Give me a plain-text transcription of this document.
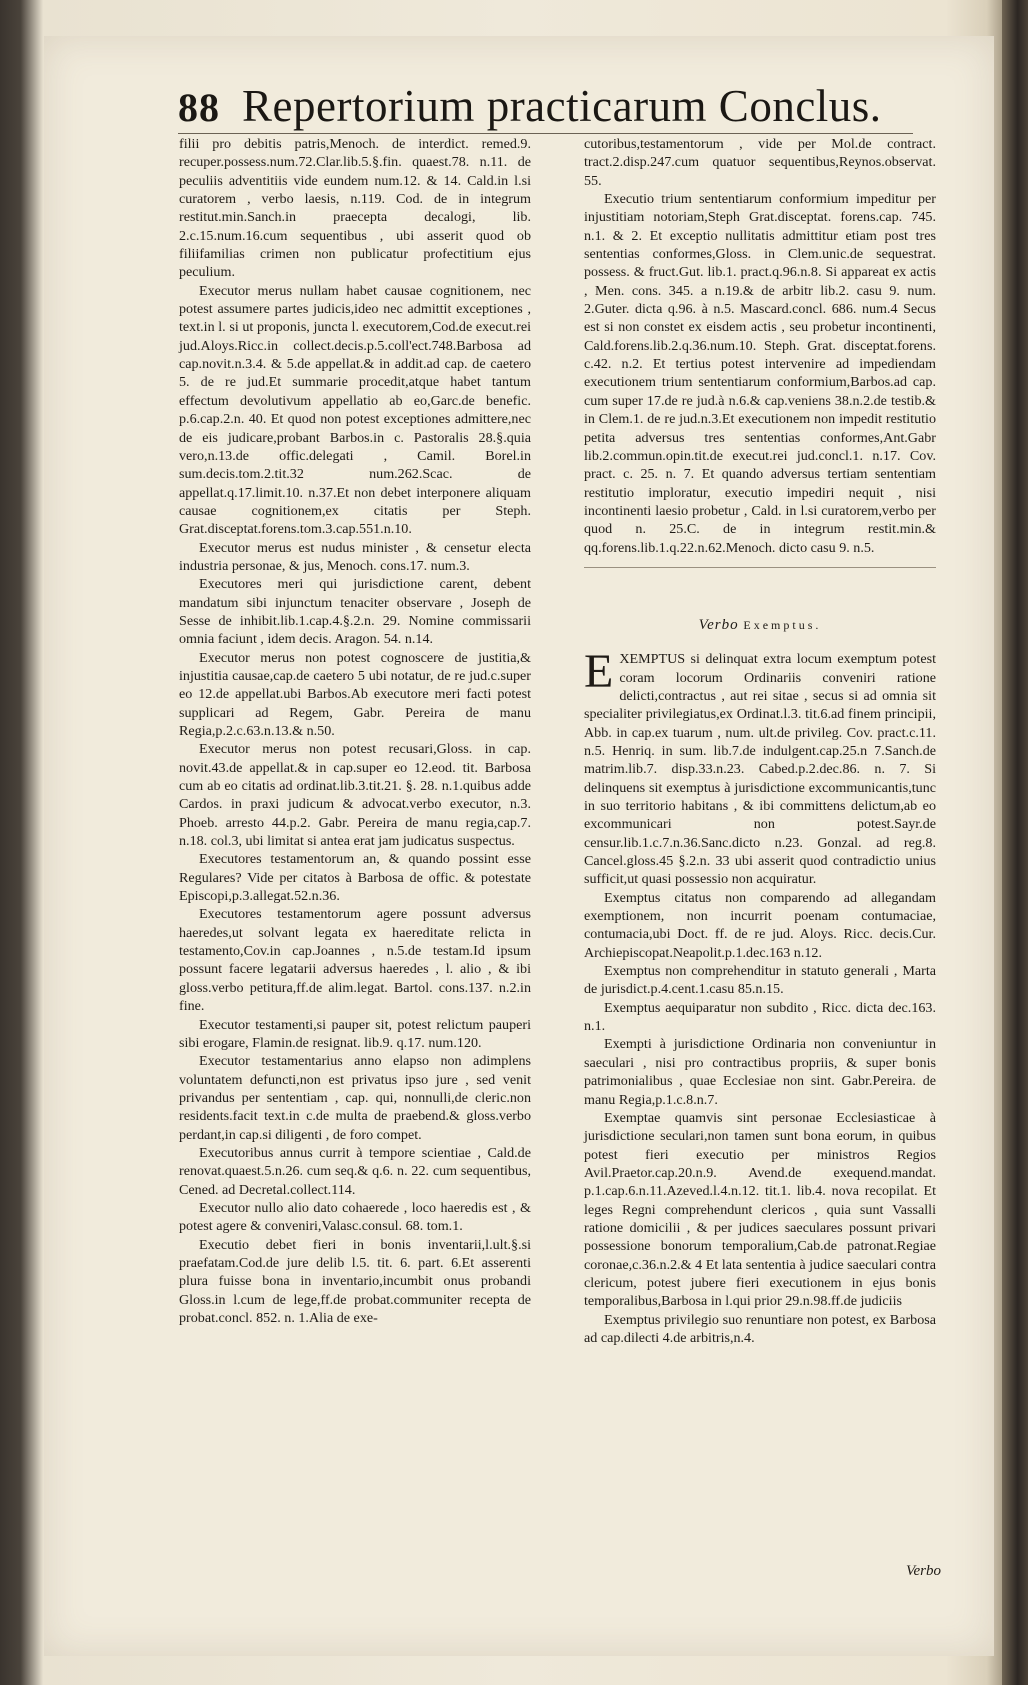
88 Repertorium practicarum Conclus.

filii pro debitis patris,Menoch. de interdict. remed.9. recuper.possess.num.72.Clar.lib.5.§.fin. quaest.78. n.11. de peculiis adventitiis vide eundem num.12. & 14. Cald.in l.si curatorem , verbo laesis, n.119. Cod. de in integrum restitut.min.Sanch.in praecepta decalogi, lib. 2.c.15.num.16.cum sequentibus , ubi asserit quod ob filiifamilias crimen non publicatur profectitium ejus peculium.

Executor merus nullam habet causae cognitionem, nec potest assumere partes judicis,ideo nec admittit exceptiones , text.in l. si ut proponis, juncta l. executorem,Cod.de execut.rei jud.Aloys.Ricc.in collect.decis.p.5.coll'ect.748.Barbosa ad cap.novit.n.3.4. & 5.de appellat.& in addit.ad cap. de caetero 5. de re jud.Et summarie procedit,atque habet tantum effectum devolutivum appellatio ab eo,Garc.de benefic. p.6.cap.2.n. 40. Et quod non potest exceptiones admittere,nec de eis judicare,probant Barbos.in c. Pastoralis 28.§.quia vero,n.13.de offic.delegati , Camil. Borel.in sum.decis.tom.2.tit.32 num.262.Scac. de appellat.q.17.limit.10. n.37.Et non debet interponere aliquam causae cognitionem,ex citatis per Steph. Grat.disceptat.forens.tom.3.cap.551.n.10.

Executor merus est nudus minister , & censetur electa industria personae, & jus, Menoch. cons.17. num.3.

Executores meri qui jurisdictione carent, debent mandatum sibi injunctum tenaciter observare , Joseph de Sesse de inhibit.lib.1.cap.4.§.2.n. 29. Nomine commissarii omnia faciunt , idem decis. Aragon. 54. n.14.

Executor merus non potest cognoscere de justitia,& injustitia causae,cap.de caetero 5 ubi notatur, de re jud.c.super eo 12.de appellat.ubi Barbos.Ab executore meri facti potest supplicari ad Regem, Gabr. Pereira de manu Regia,p.2.c.63.n.13.& n.50.

Executor merus non potest recusari,Gloss. in cap. novit.43.de appellat.& in cap.super eo 12.eod. tit. Barbosa cum ab eo citatis ad ordinat.lib.3.tit.21. §. 28. n.1.quibus adde Cardos. in praxi judicum & advocat.verbo executor, n.3. Phoeb. arresto 44.p.2. Gabr. Pereira de manu regia,cap.7. n.18. col.3, ubi limitat si antea erat jam judicatus suspectus.

Executores testamentorum an, & quando possint esse Regulares? Vide per citatos à Barbosa de offic. & potestate Episcopi,p.3.allegat.52.n.36.

Executores testamentorum agere possunt adversus haeredes,ut solvant legata ex haereditate relicta in testamento,Cov.in cap.Joannes , n.5.de testam.Id ipsum possunt facere legatarii adversus haeredes , l. alio , & ibi gloss.verbo petitura,ff.de alim.legat. Bartol. cons.137. n.2.in fine.

Executor testamenti,si pauper sit, potest relictum pauperi sibi erogare, Flamin.de resignat. lib.9. q.17. num.120.

Executor testamentarius anno elapso non adimplens voluntatem defuncti,non est privatus ipso jure , sed venit privandus per sententiam , cap. qui, nonnulli,de cleric.non residents.facit text.in c.de multa de praebend.& gloss.verbo perdant,in cap.si diligenti , de foro compet.

Executoribus annus currit à tempore scientiae , Cald.de renovat.quaest.5.n.26. cum seq.& q.6. n. 22. cum sequentibus, Cened. ad Decretal.collect.114.

Executor nullo alio dato cohaerede , loco haeredis est , & potest agere & conveniri,Valasc.consul. 68. tom.1.

Executio debet fieri in bonis inventarii,l.ult.§.si praefatam.Cod.de jure delib l.5. tit. 6. part. 6.Et asserenti plura fuisse bona in inventario,incumbit onus probandi Gloss.in l.cum de lege,ff.de probat.communiter recepta de probat.concl. 852. n. 1.Alia de exe-

cutoribus,testamentorum , vide per Mol.de contract. tract.2.disp.247.cum quatuor sequentibus,Reynos.observat. 55.

Executio trium sententiarum conformium impeditur per injustitiam notoriam,Steph Grat.disceptat. forens.cap. 745. n.1. & 2. Et exceptio nullitatis admittitur etiam post tres sententias conformes,Gloss. in Clem.unic.de sequestrat. possess. & fruct.Gut. lib.1. pract.q.96.n.8. Si appareat ex actis , Men. cons. 345. a n.19.& de arbitr lib.2. casu 9. num. 2.Guter. dicta q.96. à n.5. Mascard.concl. 686. num.4 Secus est si non constet ex eisdem actis , seu probetur incontinenti, Cald.forens.lib.2.q.36.num.10. Steph. Grat. disceptat.forens. c.42. n.2. Et tertius potest intervenire ad impediendam executionem trium sententiarum conformium,Barbos.ad cap. cum super 17.de re jud.à n.6.& cap.veniens 38.n.2.de testib.& in Clem.1. de re jud.n.3.Et executionem non impedit restitutio petita adversus tres sententias conformes,Ant.Gabr lib.2.commun.opin.tit.de execut.rei jud.concl.1. n.17. Cov. pract. c. 25. n. 7. Et quando adversus tertiam sententiam restitutio imploratur, executio impediri nequit , nisi incontinenti laesio probetur , Cald. in l.si curatorem,verbo per quod n. 25.C. de in integrum restit.min.& qq.forens.lib.1.q.22.n.62.Menoch. dicto casu 9. n.5.

Verbo Exemptus.

EXEMPTUS si delinquat extra locum exemptum potest coram locorum Ordinariis conveniri ratione delicti,contractus , aut rei sitae , secus si ad omnia sit specialiter privilegiatus,ex Ordinat.l.3. tit.6.ad finem principii, Abb. in cap.ex tuarum , num. ult.de privileg. Cov. pract.c.11. n.5. Henriq. in sum. lib.7.de indulgent.cap.25.n 7.Sanch.de matrim.lib.7. disp.33.n.23. Cabed.p.2.dec.86. n. 7. Si delinquens sit exemptus à jurisdictione excommunicantis,tunc in suo territorio habitans , & ibi committens delictum,ab eo excommunicari non potest.Sayr.de censur.lib.1.c.7.n.36.Sanc.dicto n.23. Gonzal. ad reg.8. Cancel.gloss.45 §.2.n. 33 ubi asserit quod contradictio unius sufficit,ut quasi possessio non acquiratur.

Exemptus citatus non comparendo ad allegandam exemptionem, non incurrit poenam contumaciae, contumacia,ubi Doct. ff. de re jud. Aloys. Ricc. decis.Cur. Archiepiscopat.Neapolit.p.1.dec.163 n.12.

Exemptus non comprehenditur in statuto generali , Marta de jurisdict.p.4.cent.1.casu 85.n.15.

Exemptus aequiparatur non subdito , Ricc. dicta dec.163. n.1.

Exempti à jurisdictione Ordinaria non conveniuntur in saeculari , nisi pro contractibus propriis, & super bonis patrimonialibus , quae Ecclesiae non sint. Gabr.Pereira. de manu Regia,p.1.c.8.n.7.

Exemptae quamvis sint personae Ecclesiasticae à jurisdictione seculari,non tamen sunt bona eorum, in quibus potest fieri executio per ministros Regios Avil.Praetor.cap.20.n.9. Avend.de exequend.mandat. p.1.cap.6.n.11.Azeved.l.4.n.12. tit.1. lib.4. nova recopilat. Et leges Regni comprehendunt clericos , quia sunt Vassalli ratione domicilii , & per judices saeculares possunt privari possessione bonorum temporalium,Cab.de patronat.Regiae coronae,c.36.n.2.& 4 Et lata sententia à judice saeculari contra clericum, potest jubere fieri executionem in ejus bonis temporalibus,Barbosa in l.qui prior 29.n.98.ff.de judiciis

Exemptus privilegio suo renuntiare non potest, ex Barbosa ad cap.dilecti 4.de arbitris,n.4.

Verbo
